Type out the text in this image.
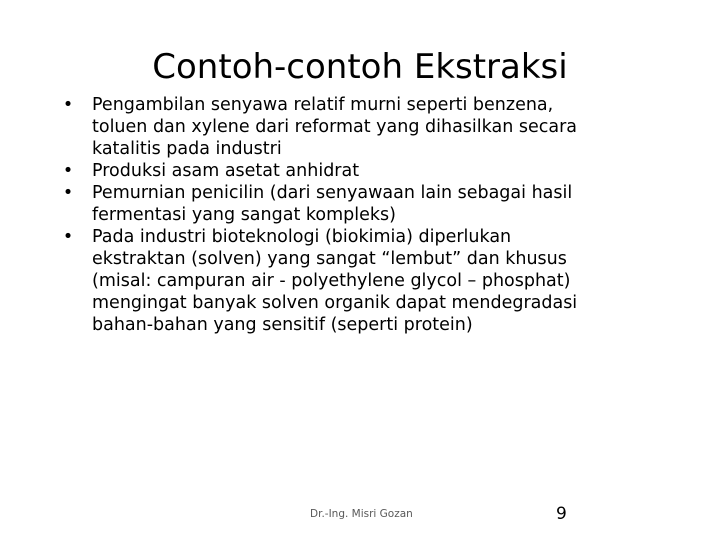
Contoh-contoh Ekstraksi
• Pengambilan senyawa relatif murni seperti benzena,
toluen dan xylene dari reformat yang dihasilkan secara
katalitis pada industri
• Produksi asam asetat anhidrat
• Pemurnian penicilin (dari senyawaan lain sebagai hasil
fermentasi yang sangat kompleks)
• Pada industri bioteknologi (biokimia) diperlukan
ekstraktan (solven) yang sangat “lembut” dan khusus
(misal: campuran air - polyethylene glycol – phosphat)
mengingat banyak solven organik dapat mendegradasi
bahan-bahan yang sensitif (seperti protein)
Dr.-Ing. Misri Gozan	9
